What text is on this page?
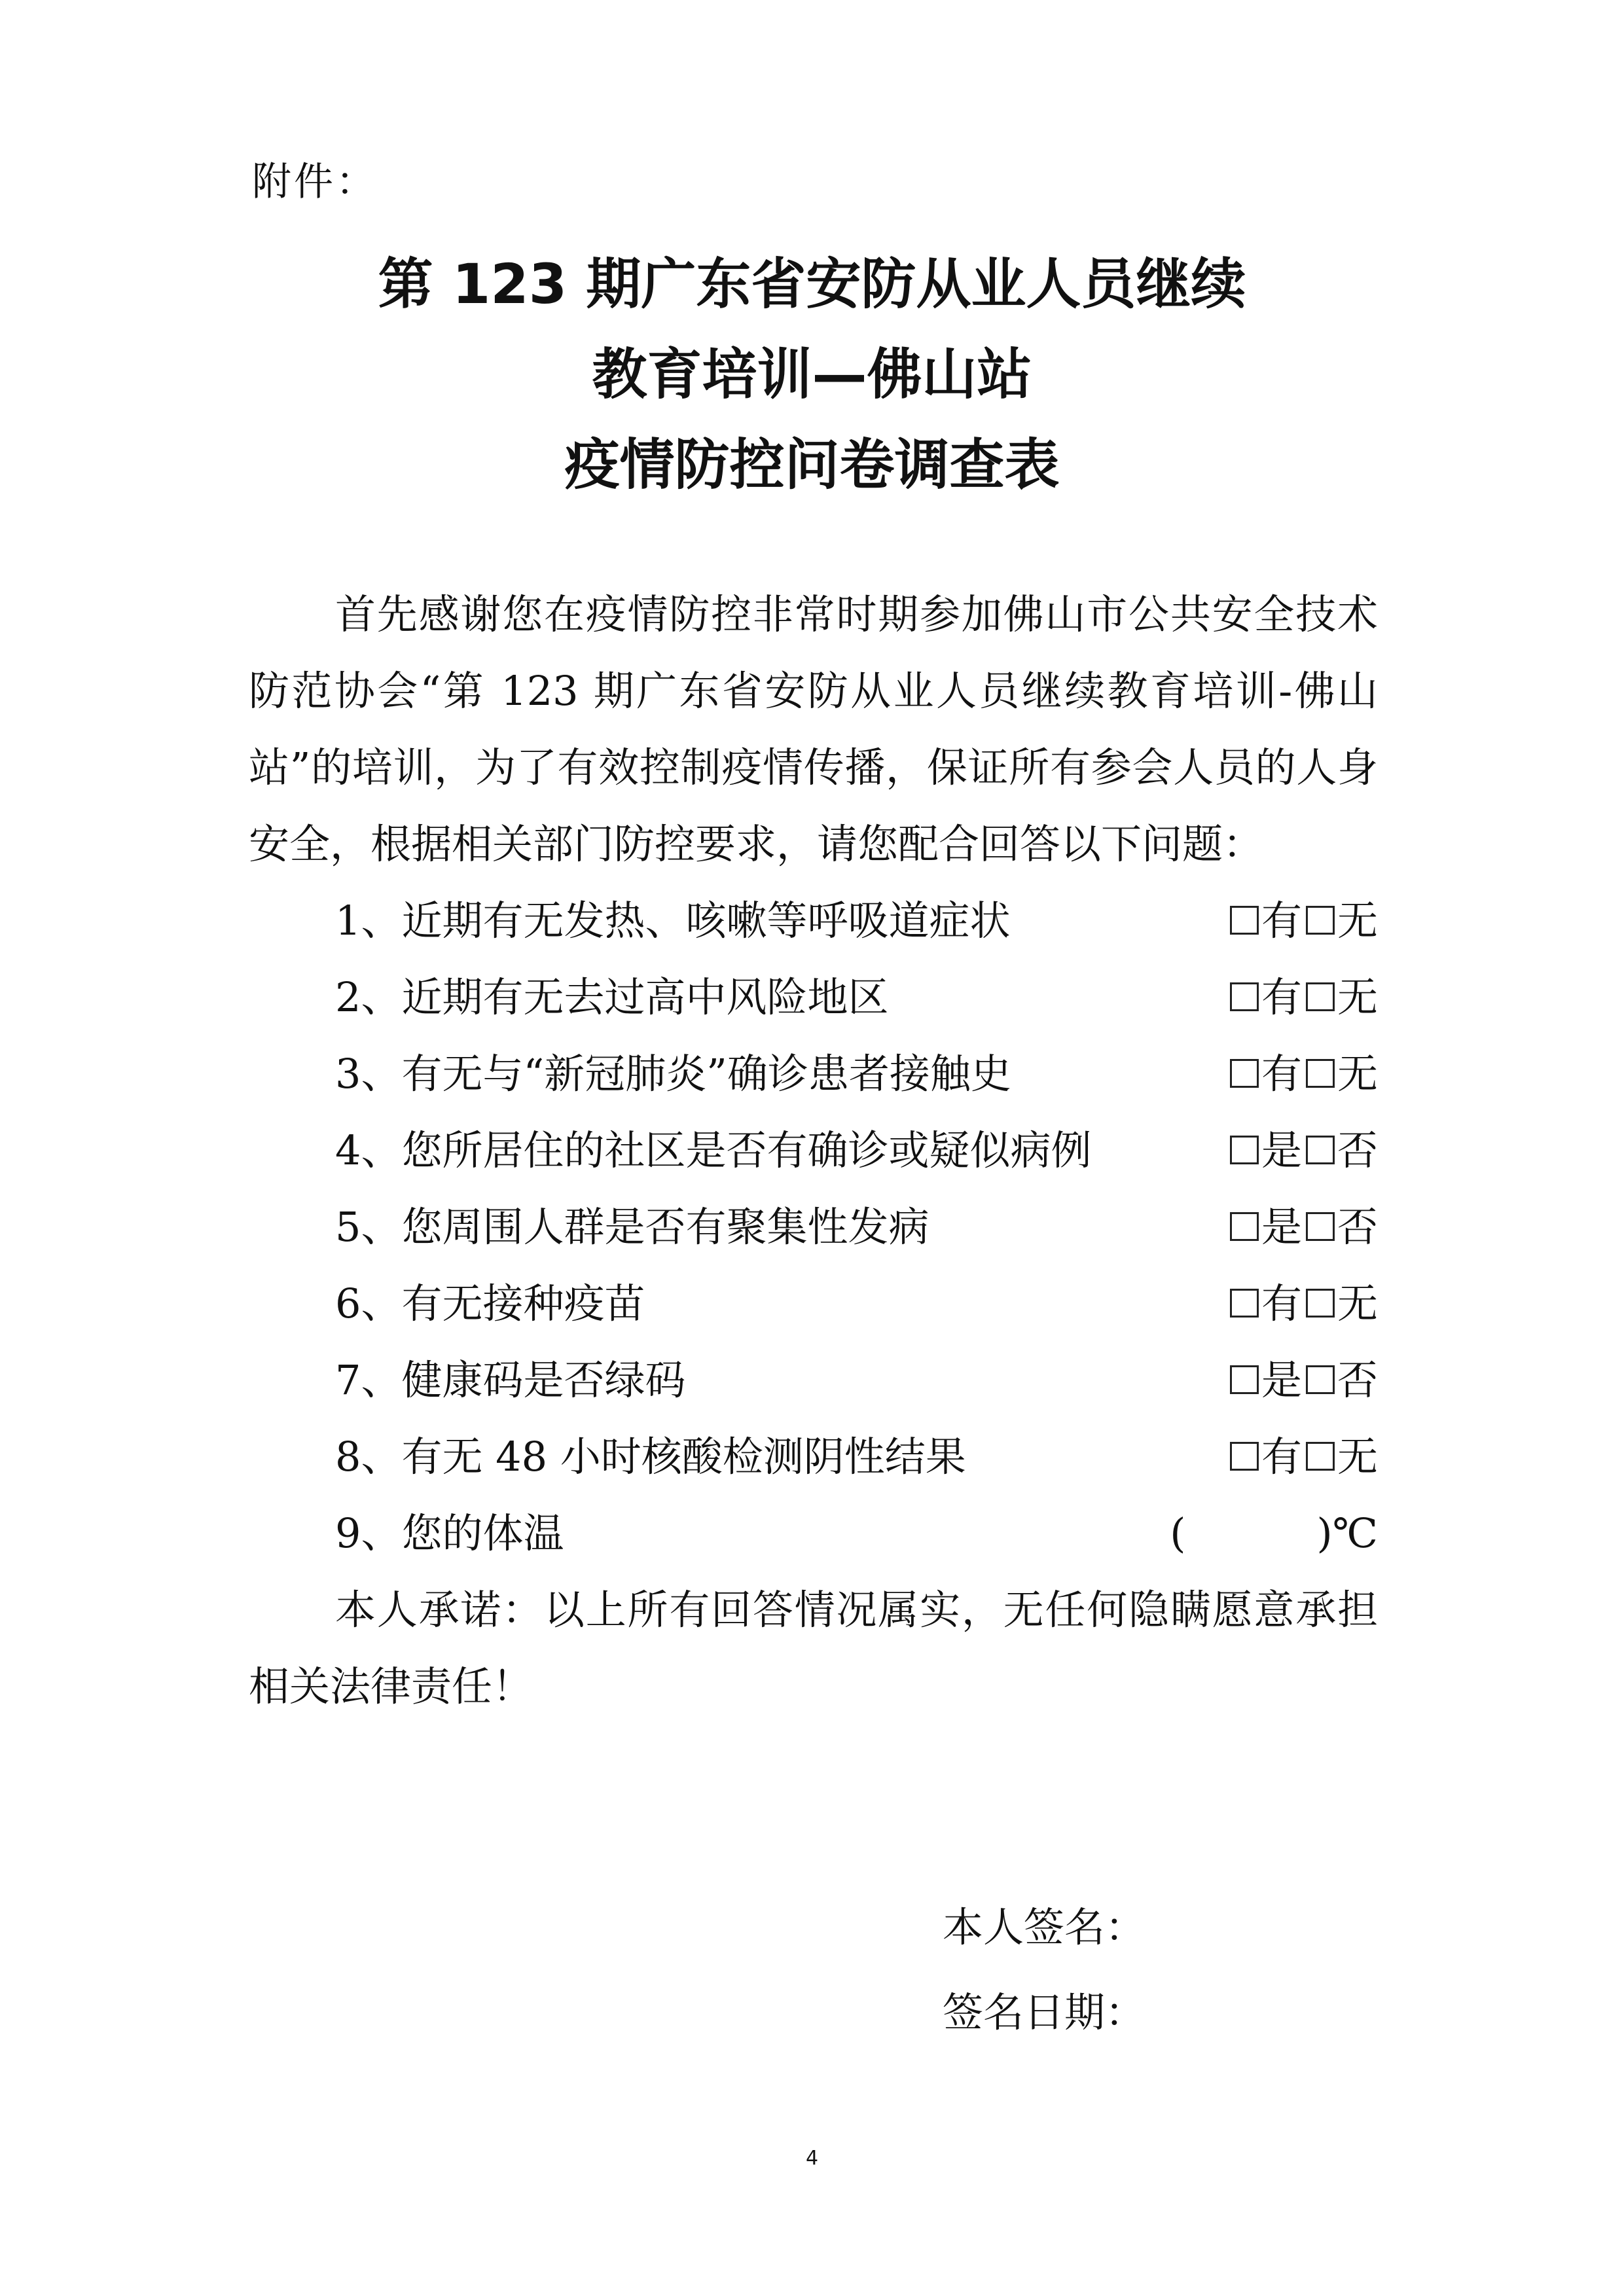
附件：
第 123 期广东省安防从业人员继续
教育培训—佛山站
疫情防控问卷调查表

首先感谢您在疫情防控非常时期参加佛山市公共安全技术防范协会“第 123 期广东省安防从业人员继续教育培训-佛山站”的培训，为了有效控制疫情传播，保证所有参会人员的人身安全，根据相关部门防控要求，请您配合回答以下问题：

1、近期有无发热、咳嗽等呼吸道症状	有 无
2、近期有无去过高中风险地区	有 无
3、有无与“新冠肺炎”确诊患者接触史	有 无
4、您所居住的社区是否有确诊或疑似病例	是 否
5、您周围人群是否有聚集性发病	是 否
6、有无接种疫苗	有 无
7、健康码是否绿码	是 否
8、有无 48 小时核酸检测阴性结果	有 无
9、您的体温	(	) ℃

本人承诺：以上所有回答情况属实，无任何隐瞒愿意承担相关法律责任！

本人签名：
签名日期：
4
